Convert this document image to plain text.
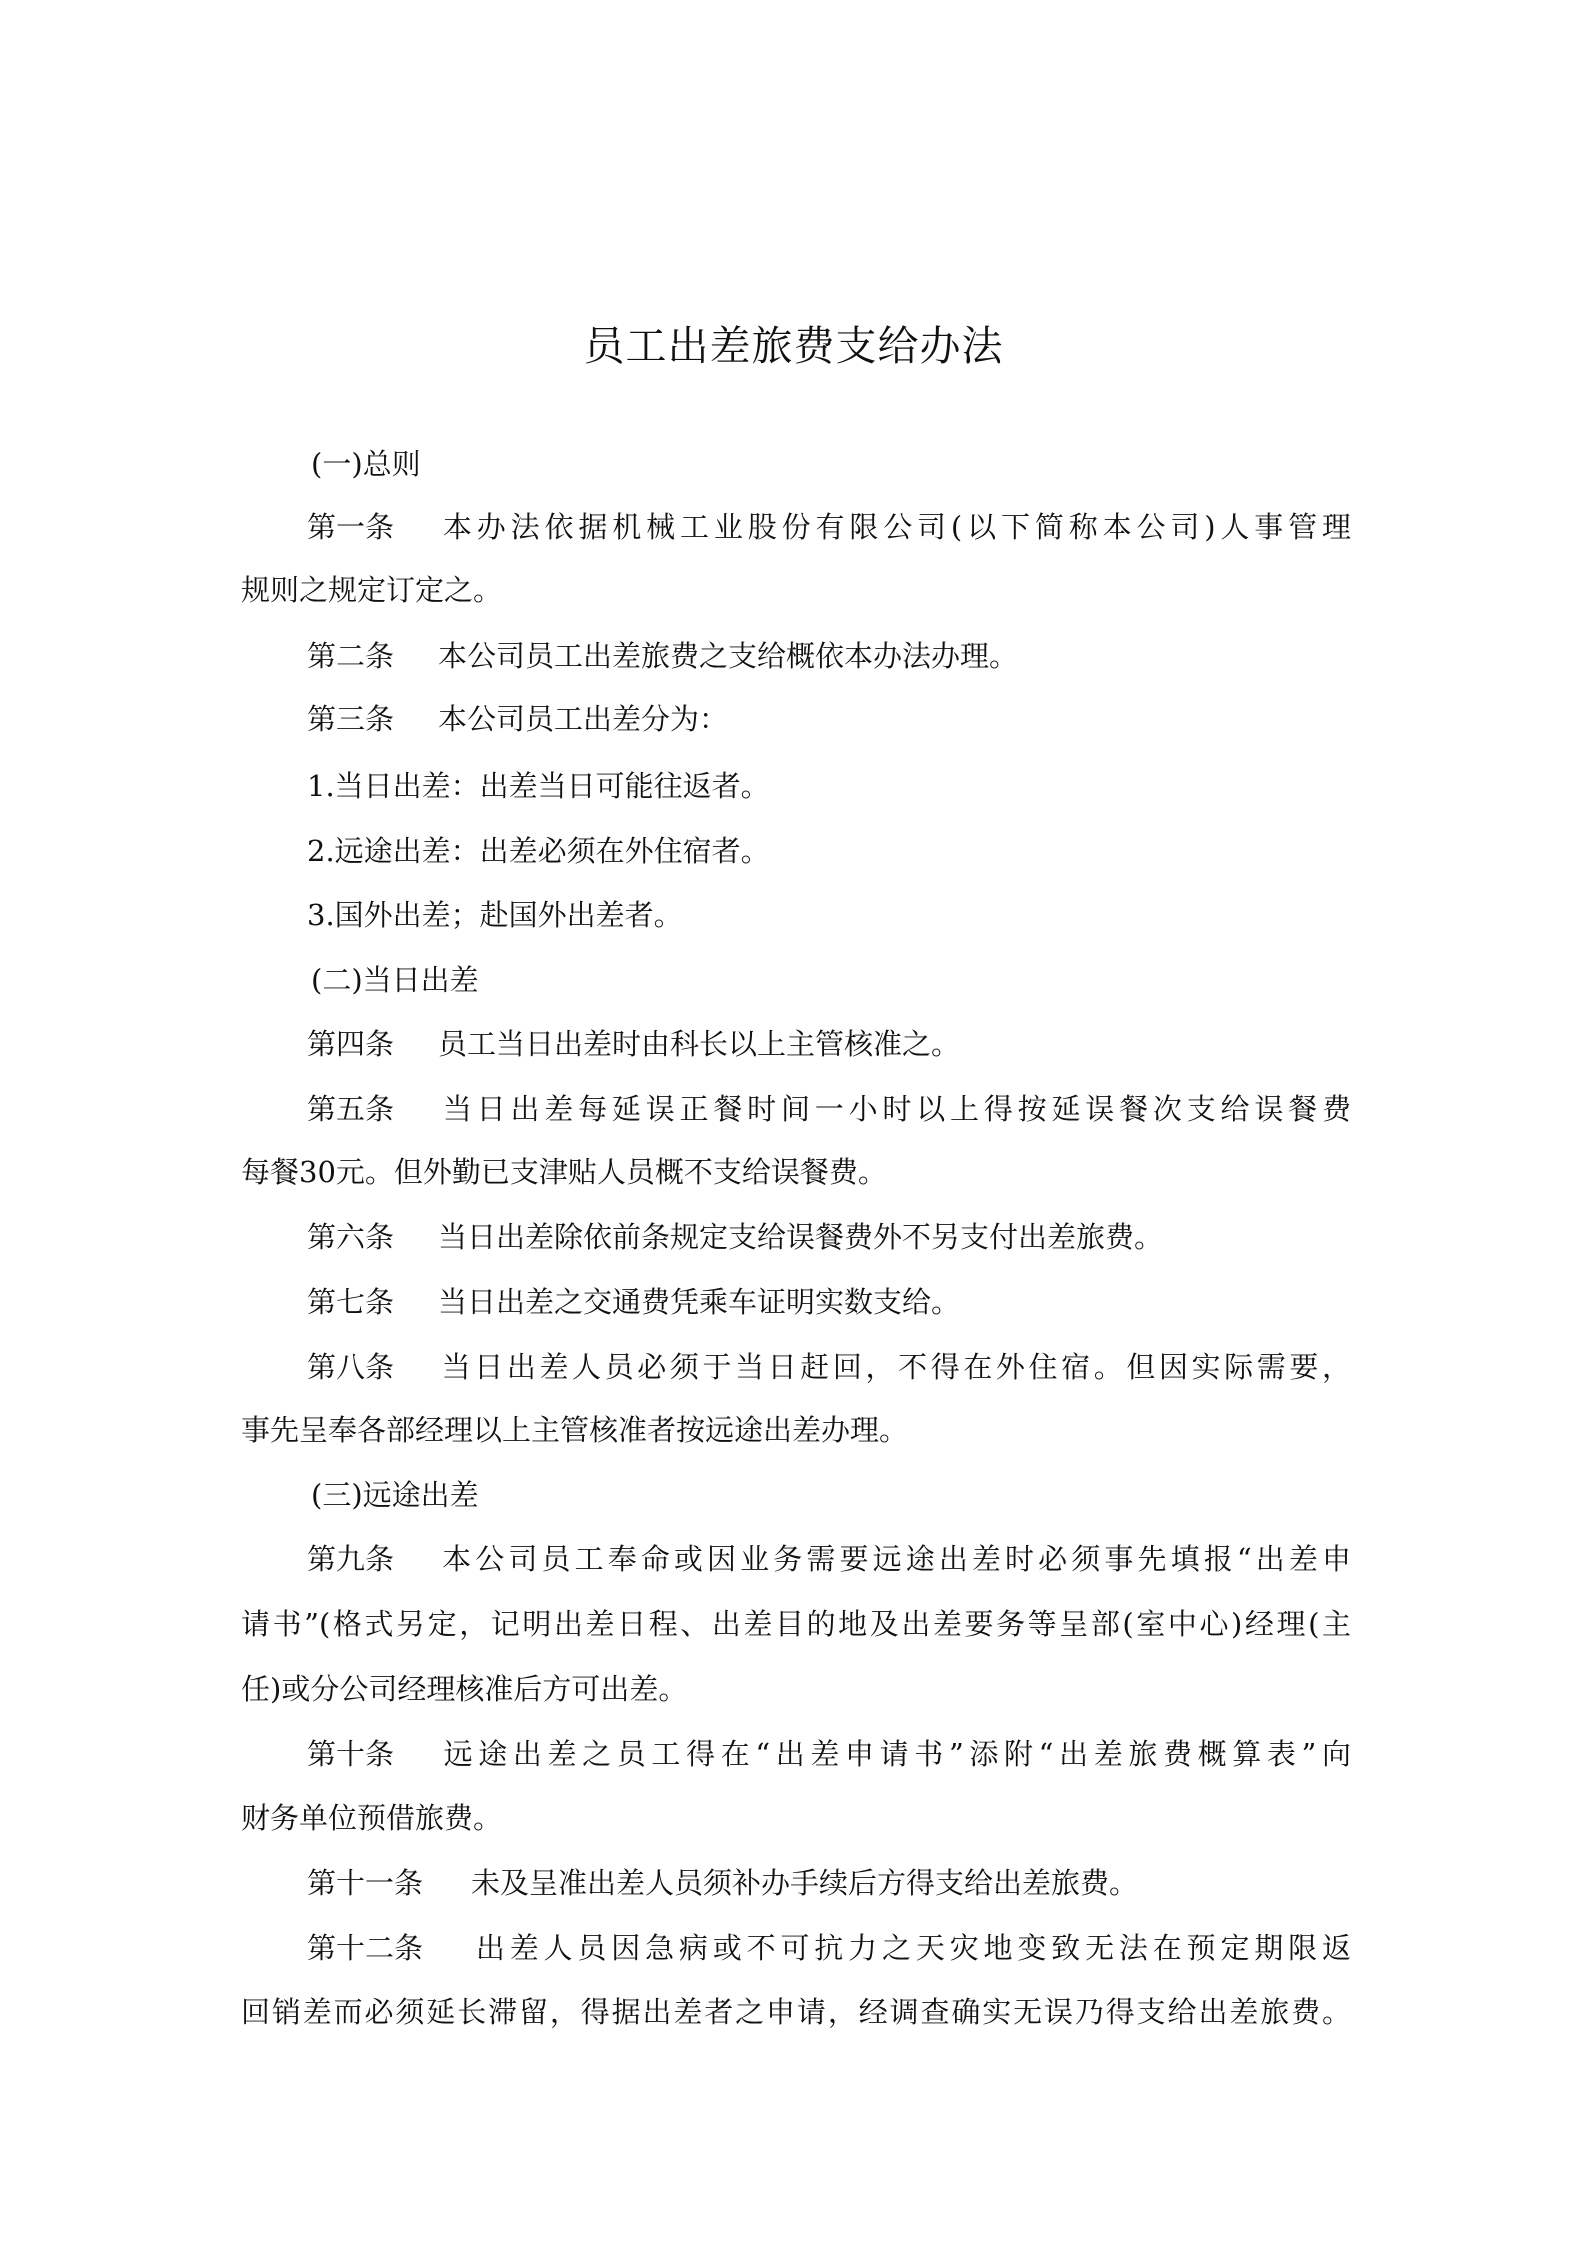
员工出差旅费支给办法
(一)总则
第一条 本办法依据机械工业股份有限公司(以下简称本公司)人事管理
规则之规定订定之。
第二条 本公司员工出差旅费之支给概依本办法办理。
第三条 本公司员工出差分为：
1.当日出差：出差当日可能往返者。
2.远途出差：出差必须在外住宿者。
3.国外出差；赴国外出差者。
(二)当日出差
第四条 员工当日出差时由科长以上主管核准之。
第五条 当日出差每延误正餐时间一小时以上得按延误餐次支给误餐费
每餐30元。但外勤已支津贴人员概不支给误餐费。
第六条 当日出差除依前条规定支给误餐费外不另支付出差旅费。
第七条 当日出差之交通费凭乘车证明实数支给。
第八条 当日出差人员必须于当日赶回，不得在外住宿。但因实际需要，
事先呈奉各部经理以上主管核准者按远途出差办理。
(三)远途出差
第九条 本公司员工奉命或因业务需要远途出差时必须事先填报“出差申
请书”(格式另定，记明出差日程、出差目的地及出差要务等呈部(室中心)经理(主
任)或分公司经理核准后方可出差。
第十条 远途出差之员工得在“出差申请书”添附“出差旅费概算表”向
财务单位预借旅费。
第十一条 未及呈准出差人员须补办手续后方得支给出差旅费。
第十二条 出差人员因急病或不可抗力之天灾地变致无法在预定期限返
回销差而必须延长滞留，得据出差者之申请，经调查确实无误乃得支给出差旅费。
